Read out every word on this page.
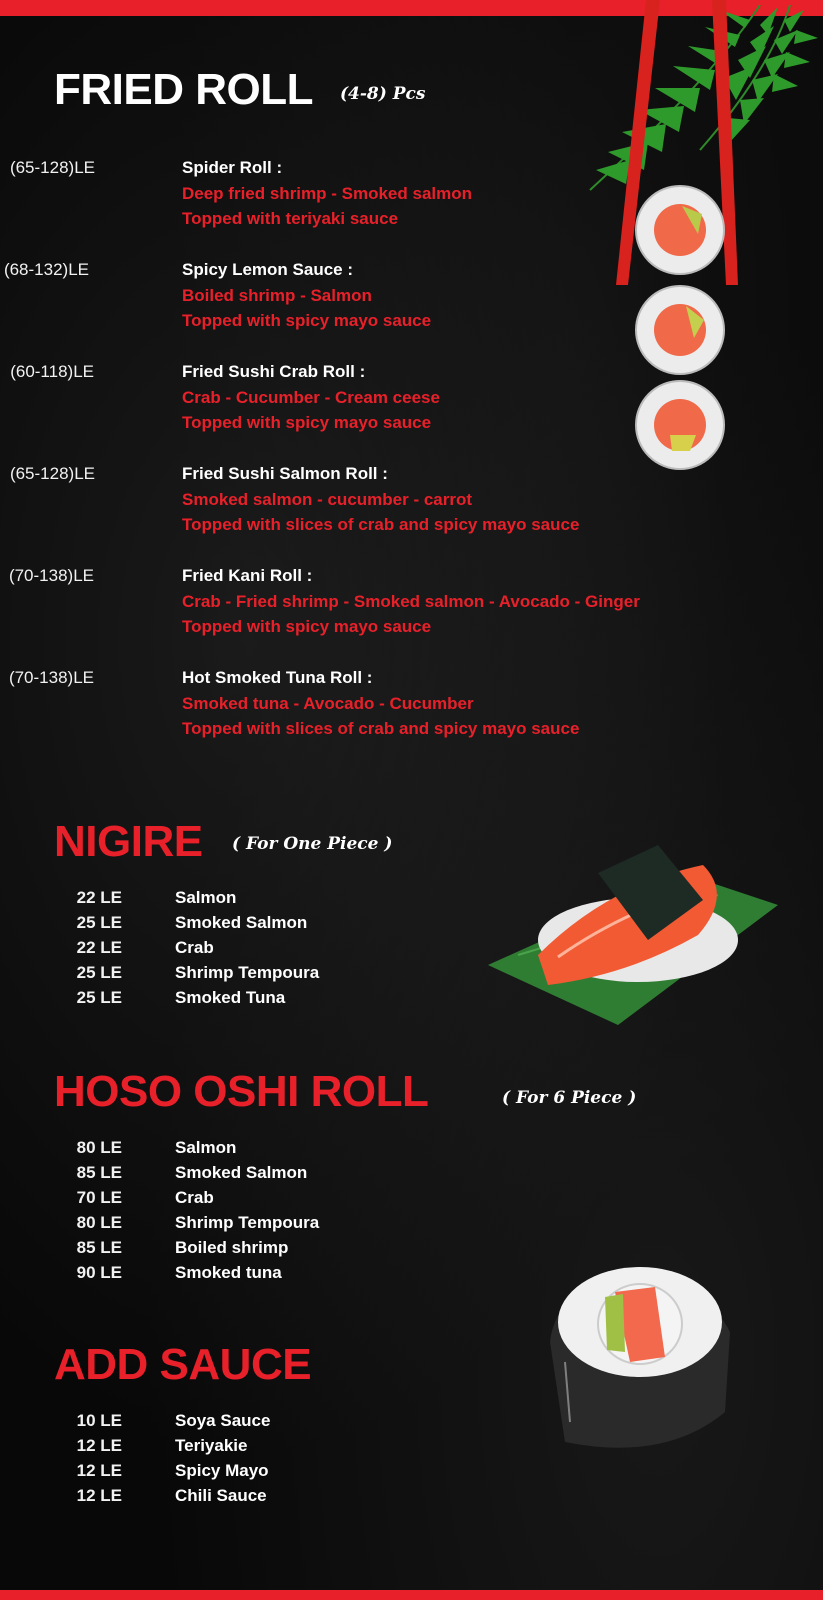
FRIED ROLL (4-8) Pcs
(65-128)LE	Spider Roll :
Deep fried shrimp - Smoked salmon
Topped with teriyaki sauce
(68-132)LE	Spicy Lemon Sauce :
Boiled shrimp - Salmon
Topped with spicy mayo sauce
(60-118)LE	Fried Sushi Crab Roll :
Crab - Cucumber - Cream ceese
Topped with spicy mayo sauce
(65-128)LE	Fried Sushi Salmon Roll :
Smoked salmon - cucumber - carrot
Topped with slices of crab and spicy mayo sauce
(70-138)LE	Fried Kani Roll :
Crab - Fried shrimp - Smoked salmon - Avocado - Ginger
Topped with spicy mayo sauce
(70-138)LE	Hot Smoked Tuna Roll :
Smoked tuna - Avocado - Cucumber
Topped with slices of crab and spicy mayo sauce
NIGIRE ( For One Piece )
22 LE	Salmon
25 LE	Smoked Salmon
22 LE	Crab
25 LE	Shrimp Tempoura
25 LE	Smoked Tuna
HOSO OSHI ROLL	( For 6 Piece )
80 LE	Salmon
85 LE	Smoked Salmon
70 LE	Crab
80 LE	Shrimp Tempoura
85 LE	Boiled shrimp
90 LE	Smoked tuna
ADD SAUCE
10 LE	Soya Sauce
12 LE	Teriyakie
12 LE	Spicy Mayo
12 LE	Chili Sauce
